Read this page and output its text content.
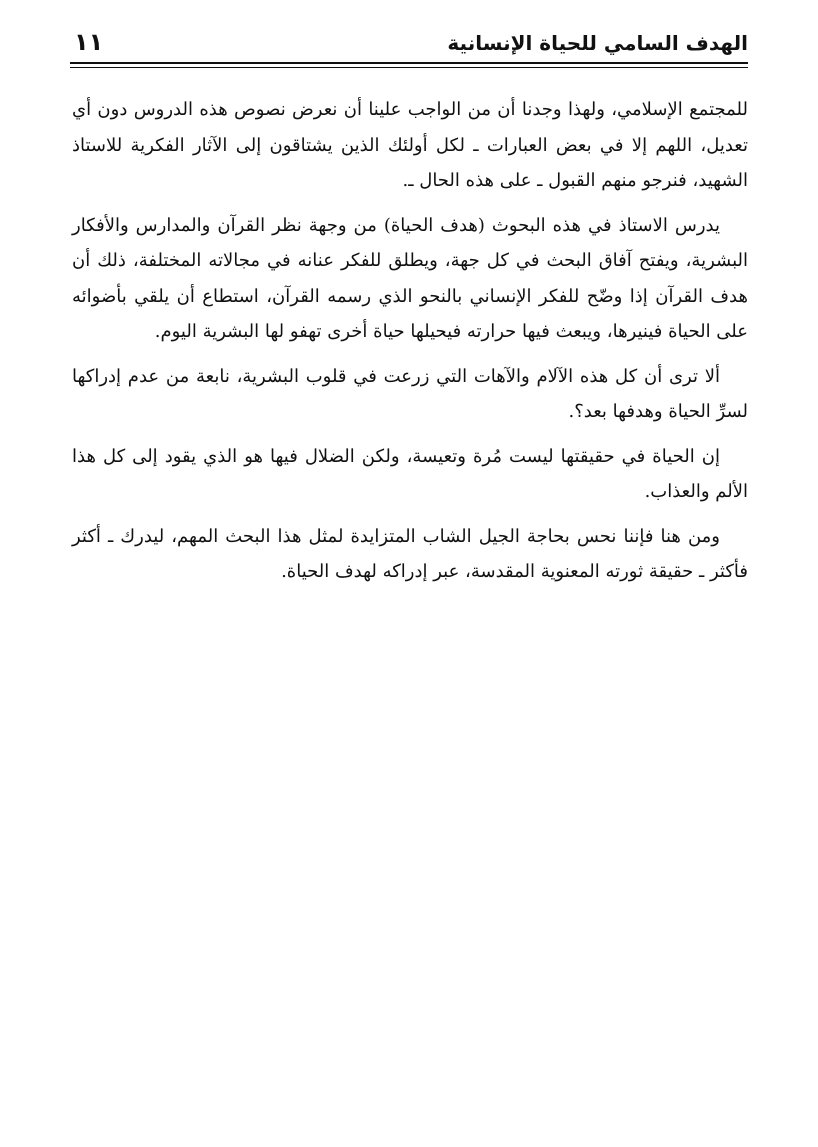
الهدف السامي للحياة الإنسانية
١١

للمجتمع الإسلامي، ولهذا وجدنا أن من الواجب علينا أن نعرض نصوص هذه الدروس دون أي تعديل، اللهم إلا في بعض العبارات ـ لكل أولئك الذين يشتاقون إلى الآثار الفكرية للاستاذ الشهيد، فنرجو منهم القبول ـ على هذه الحال ـ.

يدرس الاستاذ في هذه البحوث (هدف الحياة) من وجهة نظر القرآن والمدارس والأفكار البشرية، ويفتح آفاق البحث في كل جهة، ويطلق للفكر عنانه في مجالاته المختلفة، ذلك أن هدف القرآن إذا وضّح للفكر الإنساني بالنحو الذي رسمه القرآن، استطاع أن يلقي بأضوائه على الحياة فينيرها، ويبعث فيها حرارته فيحيلها حياة أخرى تهفو لها البشرية اليوم.

ألا ترى أن كل هذه الآلام والآهات التي زرعت في قلوب البشرية، نابعة من عدم إدراكها لسرِّ الحياة وهدفها بعد؟.

إن الحياة في حقيقتها ليست مُرة وتعيسة، ولكن الضلال فيها هو الذي يقود إلى كل هذا الألم والعذاب.

ومن هنا فإننا نحس بحاجة الجيل الشاب المتزايدة لمثل هذا البحث المهم، ليدرك ـ أكثر فأكثر ـ حقيقة ثورته المعنوية المقدسة، عبر إدراكه لهدف الحياة.
